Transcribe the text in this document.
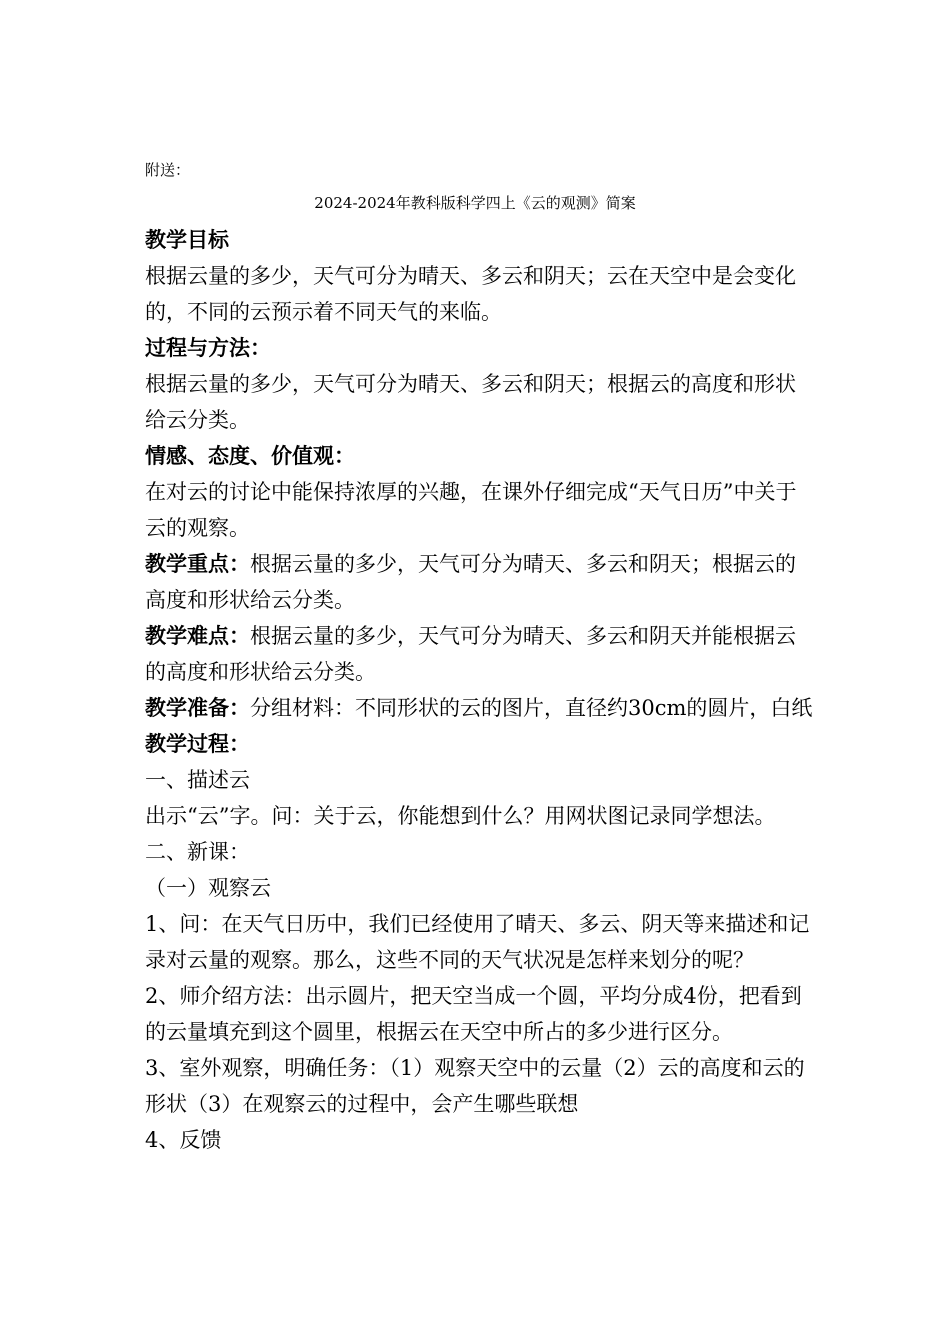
附送：
2024-2024年教科版科学四上《云的观测》简案

教学目标

根据云量的多少，天气可分为晴天、多云和阴天；云在天空中是会变化的，不同的云预示着不同天气的来临。

过程与方法：

根据云量的多少，天气可分为晴天、多云和阴天；根据云的高度和形状给云分类。

情感、态度、价值观：

在对云的讨论中能保持浓厚的兴趣，在课外仔细完成“天气日历”中关于云的观察。

教学重点：根据云量的多少，天气可分为晴天、多云和阴天；根据云的高度和形状给云分类。

教学难点：根据云量的多少，天气可分为晴天、多云和阴天并能根据云的高度和形状给云分类。

教学准备：分组材料：不同形状的云的图片，直径约30cm的圆片，白纸

教学过程：

一、描述云

出示“云”字。问：关于云，你能想到什么？用网状图记录同学想法。

二、新课：

（一）观察云

1、问：在天气日历中，我们已经使用了晴天、多云、阴天等来描述和记录对云量的观察。那么，这些不同的天气状况是怎样来划分的呢？

2、师介绍方法：出示圆片，把天空当成一个圆，平均分成4份，把看到的云量填充到这个圆里，根据云在天空中所占的多少进行区分。

3、室外观察，明确任务：（1）观察天空中的云量（2）云的高度和云的形状（3）在观察云的过程中，会产生哪些联想

4、反馈
